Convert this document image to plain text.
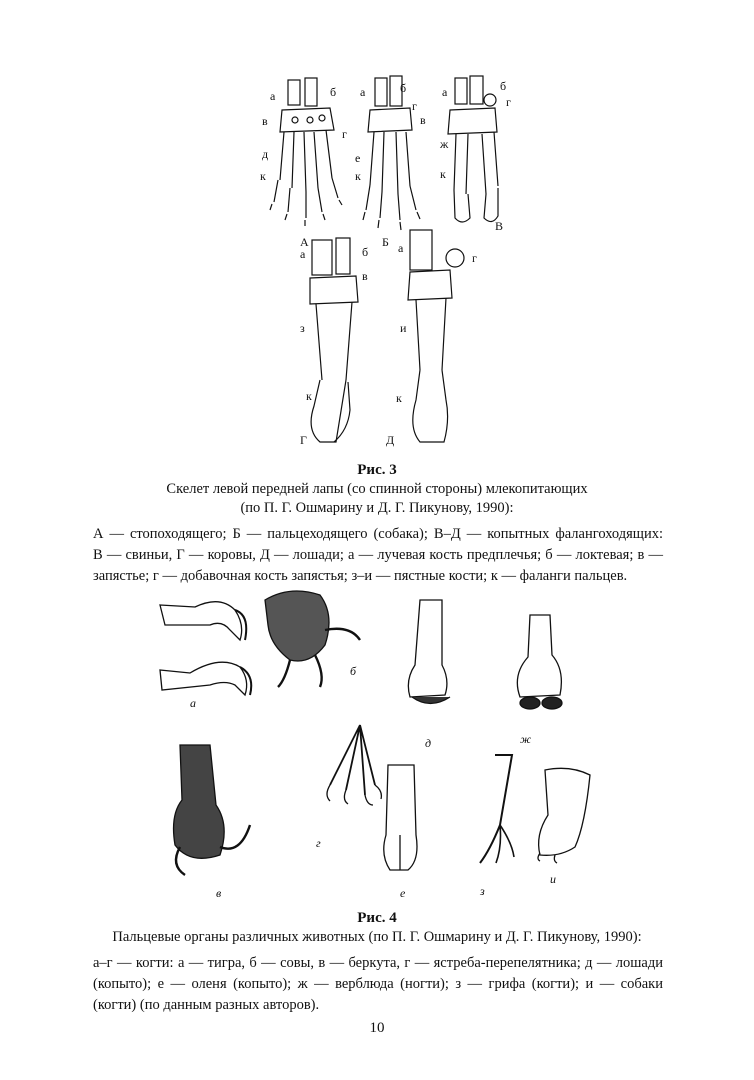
а	б
в
г
д
к
А
а	б
г
в
е
к
Б
а	б
г
ж
к
В
а	б
в
з
к
Г
а
г
и
к
Д
Рис. 3
Скелет левой передней лапы (со спинной стороны) млекопитающих
(по П. Г. Ошмарину и Д. Г. Пикунову, 1990):
А — стопоходящего; Б — пальцеходящего (собака); В–Д — копытных фалангоходящих:
В — свиньи, Г — коровы, Д — лошади; а — лучевая кость предплечья; б — локтевая; в —
запястье; г — добавочная кость запястья; з–и — пястные кости; к — фаланги пальцев.
а
б
д	ж
в
г
е	з
и
Рис. 4
Пальцевые органы различных животных (по П. Г. Ошмарину и Д. Г. Пикунову, 1990):
а–г — когти: а — тигра, б — совы, в — беркута, г — ястреба-перепелятника; д — лошади
(копыто); е — оленя (копыто); ж — верблюда (ногти); з — грифа (когти); и — собаки
(когти) (по данным разных авторов).
10
